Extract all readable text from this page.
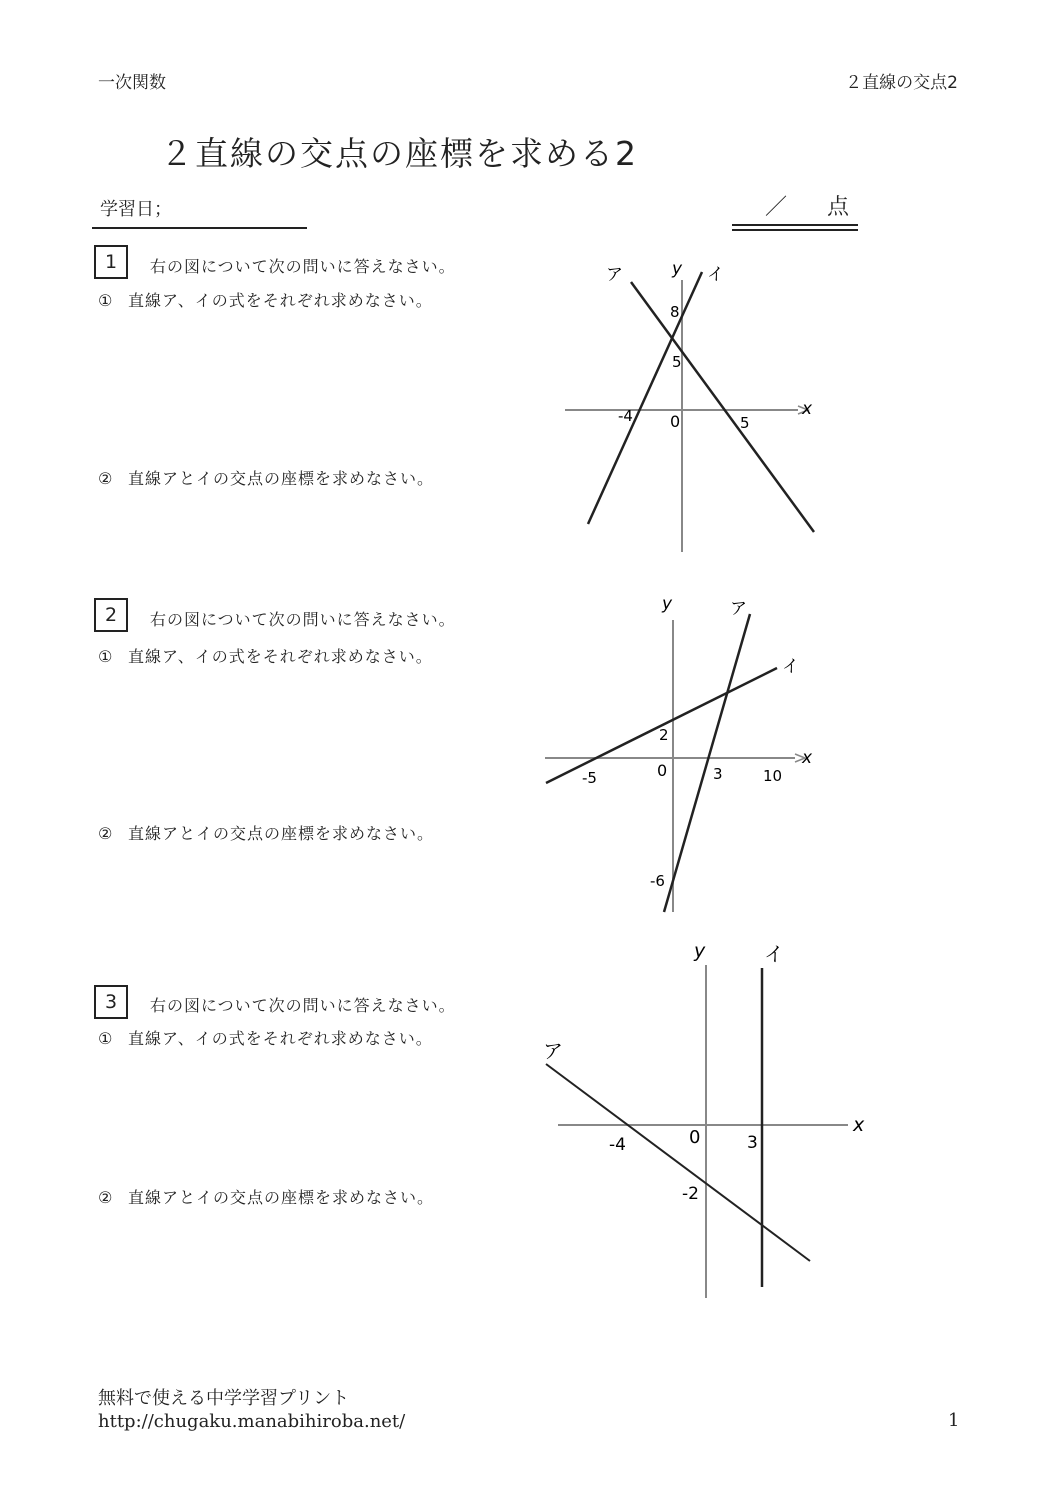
一次関数	２直線の交点2
２直線の交点の座標を求める2
学習日；	／ 点
1	右の図について次の問いに答えなさい。
① 直線ア、イの式をそれぞれ求めなさい。
② 直線アとイの交点の座標を求めなさい。
x
y
0
ア	イ
8
5
-4	5
2	右の図について次の問いに答えなさい。
① 直線ア、イの式をそれぞれ求めなさい。
② 直線アとイの交点の座標を求めなさい。
x
y
0
ア
イ
2
-5	3	10
-6
3	右の図について次の問いに答えなさい。
① 直線ア、イの式をそれぞれ求めなさい。
② 直線アとイの交点の座標を求めなさい。
x
y
0
ア
イ
-4	3
-2
無料で使える中学学習プリント
http://chugaku.manabihiroba.net/	1
